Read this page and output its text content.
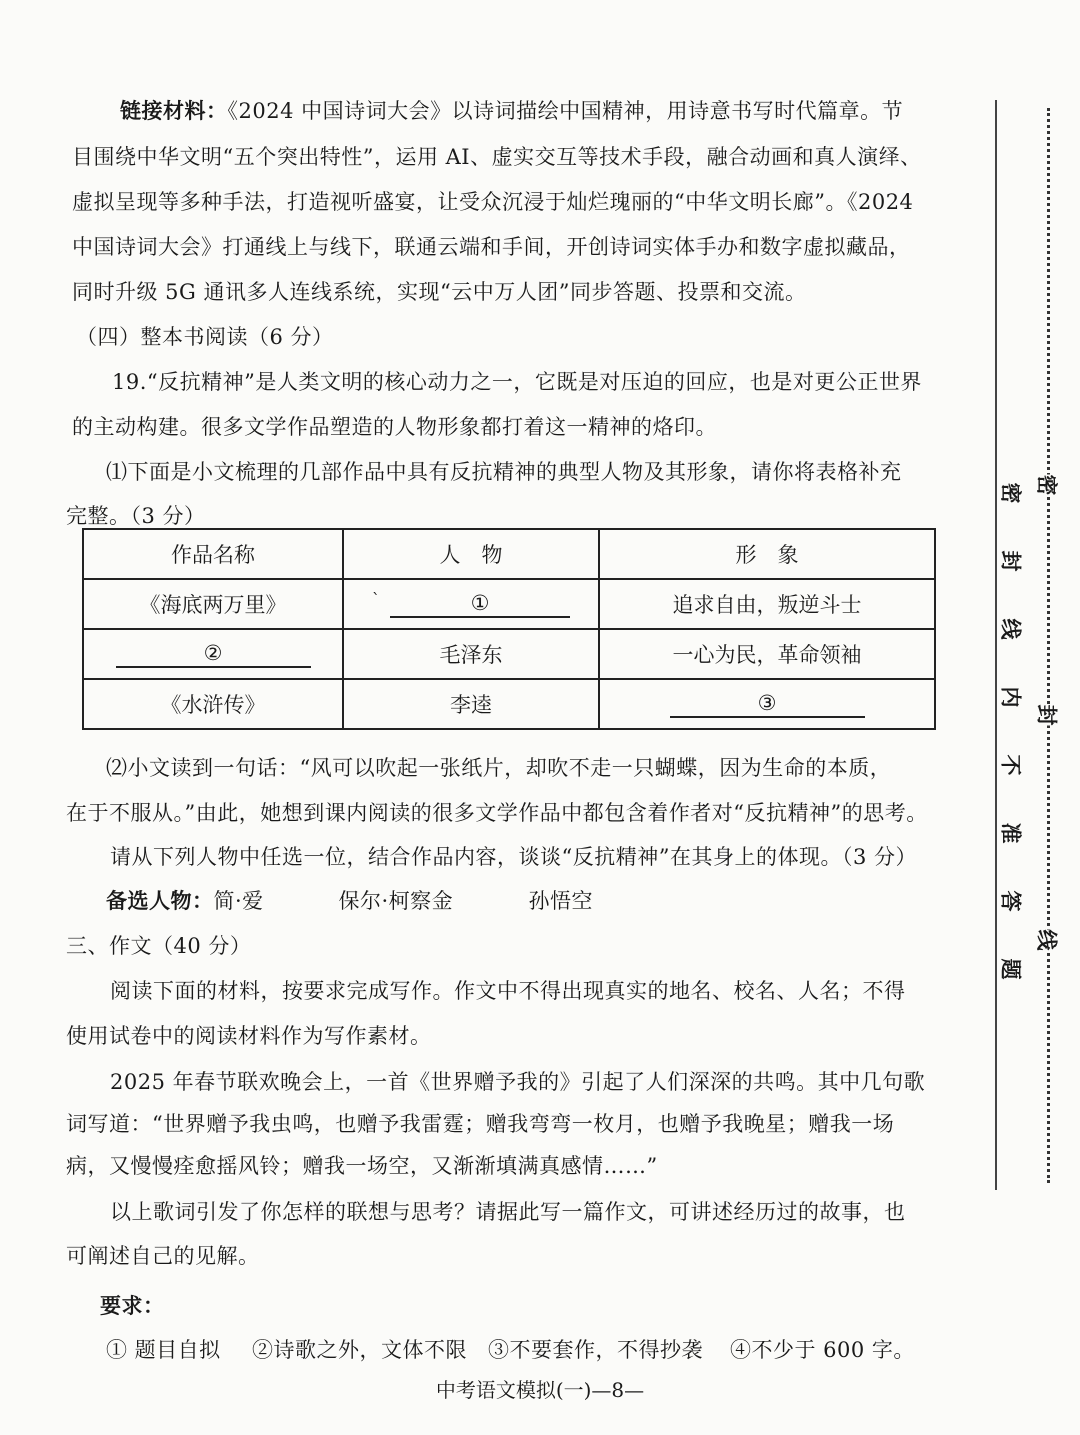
链接材料：《2024 中国诗词大会》以诗词描绘中国精神，用诗意书写时代篇章。节
目围绕中华文明“五个突出特性”，运用 AI、虚实交互等技术手段，融合动画和真人演绎、
虚拟呈现等多种手法，打造视听盛宴，让受众沉浸于灿烂瑰丽的“中华文明长廊”。《2024
中国诗词大会》打通线上与线下，联通云端和手间，开创诗词实体手办和数字虚拟藏品，
同时升级 5G 通讯多人连线系统，实现“云中万人团”同步答题、投票和交流。
（四）整本书阅读（6 分）
19.“反抗精神”是人类文明的核心动力之一，它既是对压迫的回应，也是对更公正世界
的主动构建。很多文学作品塑造的人物形象都打着这一精神的烙印。
⑴下面是小文梳理的几部作品中具有反抗精神的典型人物及其形象，请你将表格补充
完整。（3 分）
作品名称	人　物	形　象
《海底两万里》	` ①	追求自由，叛逆斗士
②	毛泽东	一心为民，革命领袖
《水浒传》	李逵	③
⑵小文读到一句话：“风可以吹起一张纸片，却吹不走一只蝴蝶，因为生命的本质，
在于不服从。”由此，她想到课内阅读的很多文学作品中都包含着作者对“反抗精神”的思考。
请从下列人物中任选一位，结合作品内容，谈谈“反抗精神”在其身上的体现。（3 分）
备选人物：简·爱	保尔·柯察金	孙悟空
三、作文（40 分）
阅读下面的材料，按要求完成写作。作文中不得出现真实的地名、校名、人名；不得
使用试卷中的阅读材料作为写作素材。
2025 年春节联欢晚会上，一首《世界赠予我的》引起了人们深深的共鸣。其中几句歌
词写道：“世界赠予我虫鸣，也赠予我雷霆；赠我弯弯一枚月，也赠予我晚星；赠我一场
病，又慢慢痊愈摇风铃；赠我一场空，又渐渐填满真感情……”
以上歌词引发了你怎样的联想与思考？请据此写一篇作文，可讲述经历过的故事，也
可阐述自己的见解。
要求：
中考语文模拟(一)—8—
密
封
线
内
不
准
答
题
密
封
线
① 题目自拟 ②诗歌之外，文体不限 ③不要套作，不得抄袭 ④不少于 600 字。
